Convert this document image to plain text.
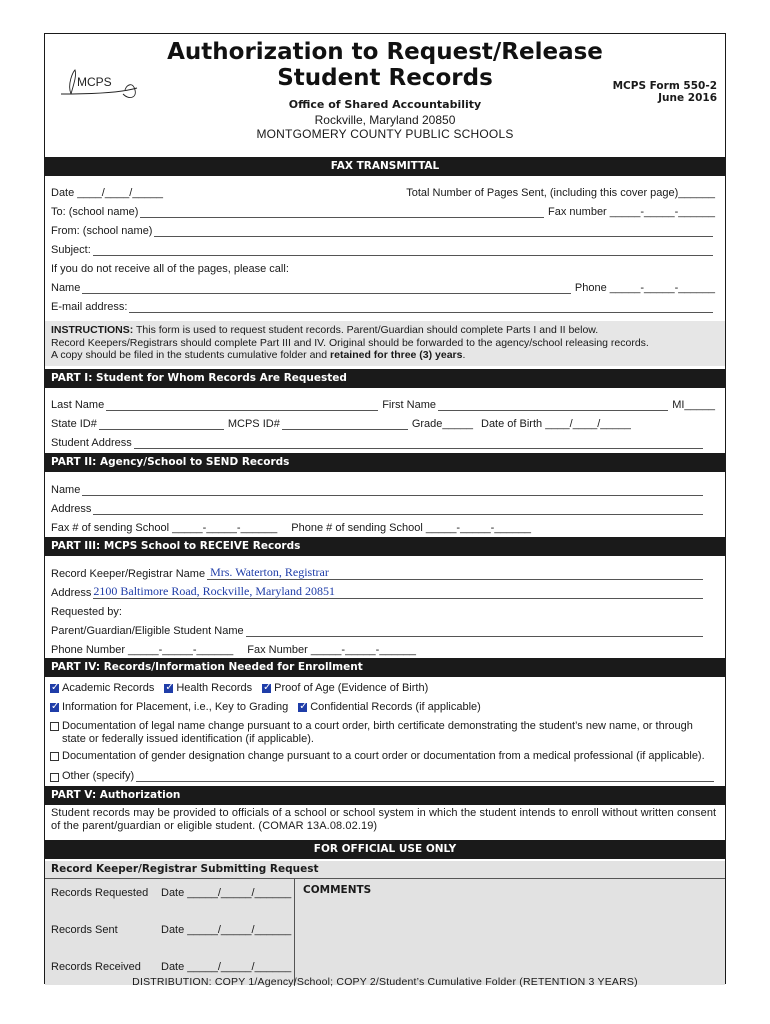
MCPS
Authorization to Request/Release
Student Records
Office of Shared Accountability
Rockville, Maryland 20850
MONTGOMERY COUNTY PUBLIC SCHOOLS
MCPS Form 550-2
June 2016
FAX TRANSMITTAL
Date ____/____/_____	Total Number of Pages Sent, (including this cover page)______
To: (school name)	Fax number _____-_____-______
From: (school name)
Subject:
If you do not receive all of the pages, please call:
Name	Phone _____-_____-______
E-mail address:
INSTRUCTIONS: This form is used to request student records. Parent/Guardian should complete Parts I and II below.
Record Keepers/Registrars should complete Part III and IV. Original should be forwarded to the agency/school releasing records.
A copy should be filed in the students cumulative folder and retained for three (3) years.
PART I: Student for Whom Records Are Requested
Last Name	First Name	MI_____
State ID#	MCPS ID#	Grade_____ Date of Birth ____/____/_____
Student Address
PART II: Agency/School to SEND Records
Name
Address
Fax # of sending School _____-_____-______ Phone # of sending School _____-_____-______
PART III: MCPS School to RECEIVE Records
Record Keeper/Registrar Name Mrs. Waterton, Registrar
Address 2100 Baltimore Road, Rockville, Maryland 20851
Requested by:
Parent/Guardian/Eligible Student Name
Phone Number _____-_____-______ Fax Number _____-_____-______
PART IV: Records/Information Needed for Enrollment
✓
Academic Records ✓ Health Records ✓ Proof of Age (Evidence of Birth)
✓
Information for Placement, i.e., Key to Grading ✓ Confidential Records (if applicable)
Documentation of legal name change pursuant to a court order, birth certificate demonstrating the student’s new name, or through state or federally issued identification (if applicable).
Documentation of gender designation change pursuant to a court order or documentation from a medical professional (if applicable).
Other (specify)
PART V: Authorization
Student records may be provided to officials of a school or school system in which the student intends to enroll without written consent of the parent/guardian or eligible student. (COMAR 13A.08.02.19)
FOR OFFICIAL USE ONLY
Record Keeper/Registrar Submitting Request
Records Requested	Date _____/_____/______
Records Sent	Date _____/_____/______
Records Received	Date _____/_____/______
COMMENTS
DISTRIBUTION: COPY 1/Agency/School; COPY 2/Student’s Cumulative Folder (RETENTION 3 YEARS)
